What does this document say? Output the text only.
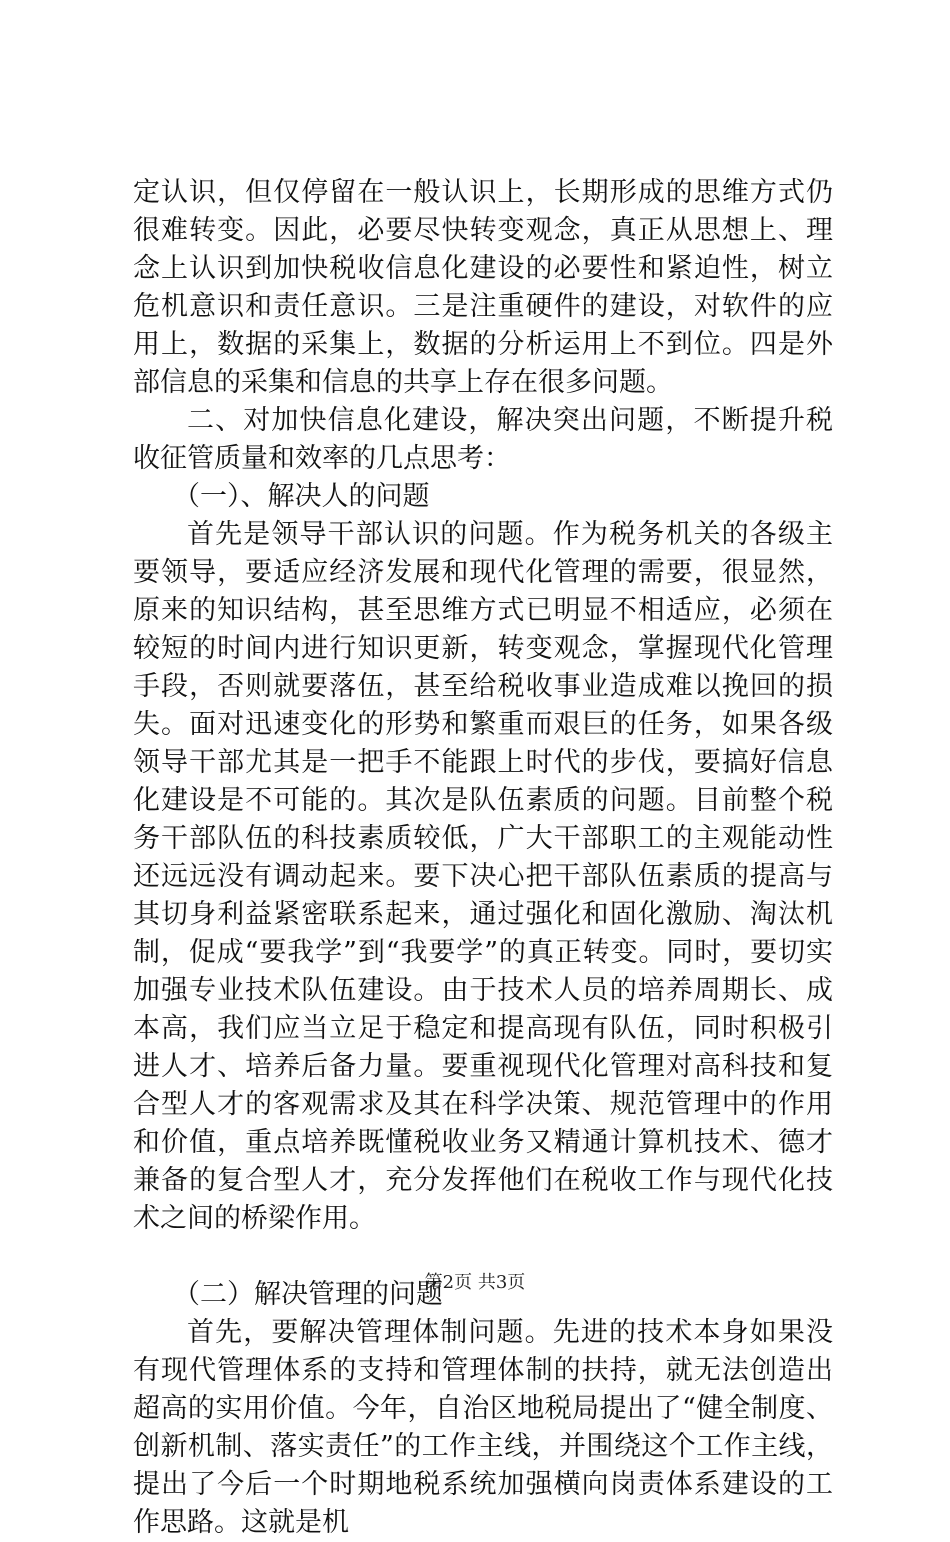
定认识，但仅停留在一般认识上，长期形成的思维方式仍很难转变。因此，必要尽快转变观念，真正从思想上、理念上认识到加快税收信息化建设的必要性和紧迫性，树立危机意识和责任意识。三是注重硬件的建设，对软件的应用上，数据的采集上，数据的分析运用上不到位。四是外部信息的采集和信息的共享上存在很多问题。

二、对加快信息化建设，解决突出问题，不断提升税收征管质量和效率的几点思考：

（一）、解决人的问题

首先是领导干部认识的问题。作为税务机关的各级主要领导，要适应经济发展和现代化管理的需要，很显然，原来的知识结构，甚至思维方式已明显不相适应，必须在较短的时间内进行知识更新，转变观念，掌握现代化管理手段，否则就要落伍，甚至给税收事业造成难以挽回的损失。面对迅速变化的形势和繁重而艰巨的任务，如果各级领导干部尤其是一把手不能跟上时代的步伐，要搞好信息化建设是不可能的。其次是队伍素质的问题。目前整个税务干部队伍的科技素质较低，广大干部职工的主观能动性还远远没有调动起来。要下决心把干部队伍素质的提高与其切身利益紧密联系起来，通过强化和固化激励、淘汰机制，促成“要我学”到“我要学”的真正转变。同时，要切实加强专业技术队伍建设。由于技术人员的培养周期长、成本高，我们应当立足于稳定和提高现有队伍，同时积极引进人才、培养后备力量。要重视现代化管理对高科技和复合型人才的客观需求及其在科学决策、规范管理中的作用和价值，重点培养既懂税收业务又精通计算机技术、德才兼备的复合型人才，充分发挥他们在税收工作与现代化技术之间的桥梁作用。

（二）解决管理的问题

首先，要解决管理体制问题。先进的技术本身如果没有现代管理体系的支持和管理体制的扶持，就无法创造出超高的实用价值。今年，自治区地税局提出了“健全制度、创新机制、落实责任”的工作主线，并围绕这个工作主线，提出了今后一个时期地税系统加强横向岗责体系建设的工作思路。这就是机

第2页 共3页
